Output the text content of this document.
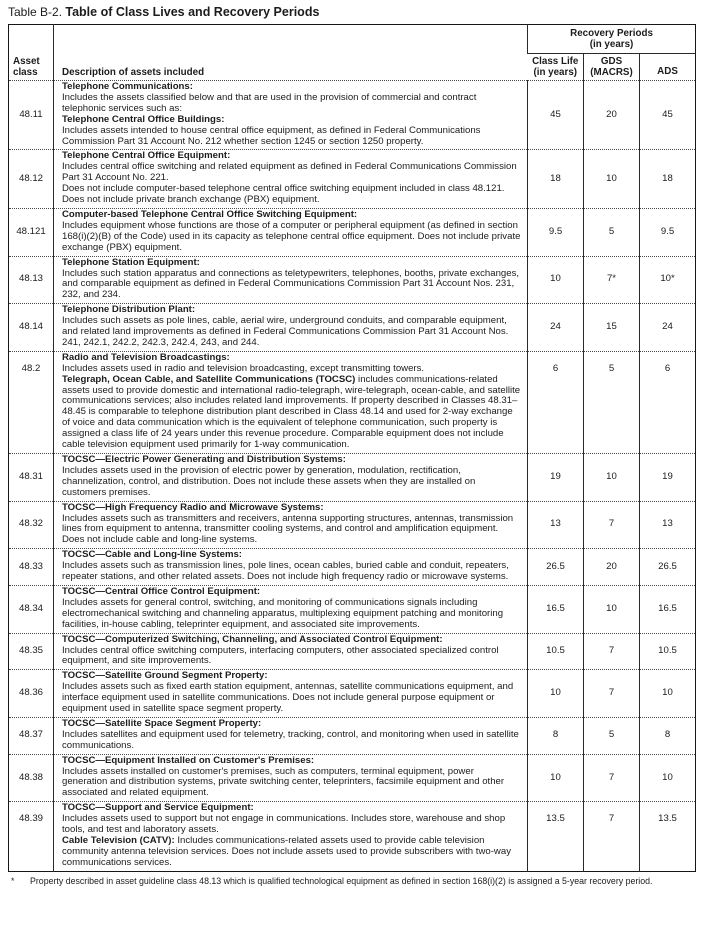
Table B-2. Table of Class Lives and Recovery Periods
Asset
class	Description of assets included	Recovery Periods
(in years)		
		Class Life
(in years)	GDS
(MACRS)	ADS
48.11	Telephone Communications:
Includes the assets classified below and that are used in the provision of commercial and contract telephonic services such as:
Telephone Central Office Buildings:
Includes assets intended to house central office equipment, as defined in Federal Communications Commission Part 31 Account No. 212 whether section 1245 or section 1250 property.	45	20	45
48.12	Telephone Central Office Equipment:
Includes central office switching and related equipment as defined in Federal Communications Commission Part 31 Account No. 221.
Does not include computer-based telephone central office switching equipment included in class 48.121. Does not include private branch exchange (PBX) equipment.	18	10	18
48.121	Computer-based Telephone Central Office Switching Equipment:
Includes equipment whose functions are those of a computer or peripheral equipment (as defined in section 168(i)(2)(B) of the Code) used in its capacity as telephone central office equipment. Does not include private exchange (PBX) equipment.	9.5	5	9.5
48.13	Telephone Station Equipment:
Includes such station apparatus and connections as teletypewriters, telephones, booths, private exchanges, and comparable equipment as defined in Federal Communications Commission Part 31 Account Nos. 231, 232, and 234.	10	7*	10*
48.14	Telephone Distribution Plant:
Includes such assets as pole lines, cable, aerial wire, underground conduits, and comparable equipment, and related land improvements as defined in Federal Communications Commission Part 31 Account Nos. 241, 242.1, 242.2, 242.3, 242.4, 243, and 244.	24	15	24
48.2	Radio and Television Broadcastings:
Includes assets used in radio and television broadcasting, except transmitting towers.
Telegraph, Ocean Cable, and Satellite Communications (TOCSC) includes communications-related assets used to provide domestic and international radio-telegraph, wire-telegraph, ocean-cable, and satellite communications services; also includes related land improvements. If property described in Classes 48.31–48.45 is comparable to telephone distribution plant described in Class 48.14 and used for 2-way exchange of voice and data communication which is the equivalent of telephone communication, such property is assigned a class life of 24 years under this revenue procedure. Comparable equipment does not include cable television equipment used primarily for 1-way communication.	6	5	6
48.31	TOCSC—Electric Power Generating and Distribution Systems:
Includes assets used in the provision of electric power by generation, modulation, rectification, channelization, control, and distribution. Does not include these assets when they are installed on customers premises.	19	10	19
48.32	TOCSC—High Frequency Radio and Microwave Systems:
Includes assets such as transmitters and receivers, antenna supporting structures, antennas, transmission lines from equipment to antenna, transmitter cooling systems, and control and amplification equipment. Does not include cable and long-line systems.	13	7	13
48.33	TOCSC—Cable and Long-line Systems:
Includes assets such as transmission lines, pole lines, ocean cables, buried cable and conduit, repeaters, repeater stations, and other related assets. Does not include high frequency radio or microwave systems.	26.5	20	26.5
48.34	TOCSC—Central Office Control Equipment:
Includes assets for general control, switching, and monitoring of communications signals including electromechanical switching and channeling apparatus, multiplexing equipment patching and monitoring facilities, in-house cabling, teleprinter equipment, and associated site improvements.	16.5	10	16.5
48.35	TOCSC—Computerized Switching, Channeling, and Associated Control Equipment:
Includes central office switching computers, interfacing computers, other associated specialized control equipment, and site improvements.	10.5	7	10.5
48.36	TOCSC—Satellite Ground Segment Property:
Includes assets such as fixed earth station equipment, antennas, satellite communications equipment, and interface equipment used in satellite communications. Does not include general purpose equipment or equipment used in satellite space segment property.	10	7	10
48.37	TOCSC—Satellite Space Segment Property:
Includes satellites and equipment used for telemetry, tracking, control, and monitoring when used in satellite communications.	8	5	8
48.38	TOCSC—Equipment Installed on Customer's Premises:
Includes assets installed on customer's premises, such as computers, terminal equipment, power generation and distribution systems, private switching center, teleprinters, facsimile equipment and other associated and related equipment.	10	7	10
48.39	TOCSC—Support and Service Equipment:
Includes assets used to support but not engage in communications. Includes store, warehouse and shop tools, and test and laboratory assets.
Cable Television (CATV): Includes communications-related assets used to provide cable television community antenna television services. Does not include assets used to provide subscribers with two-way communications services.	13.5	7	13.5
*	Property described in asset guideline class 48.13 which is qualified technological equipment as defined in section 168(i)(2) is assigned a 5-year recovery period.
